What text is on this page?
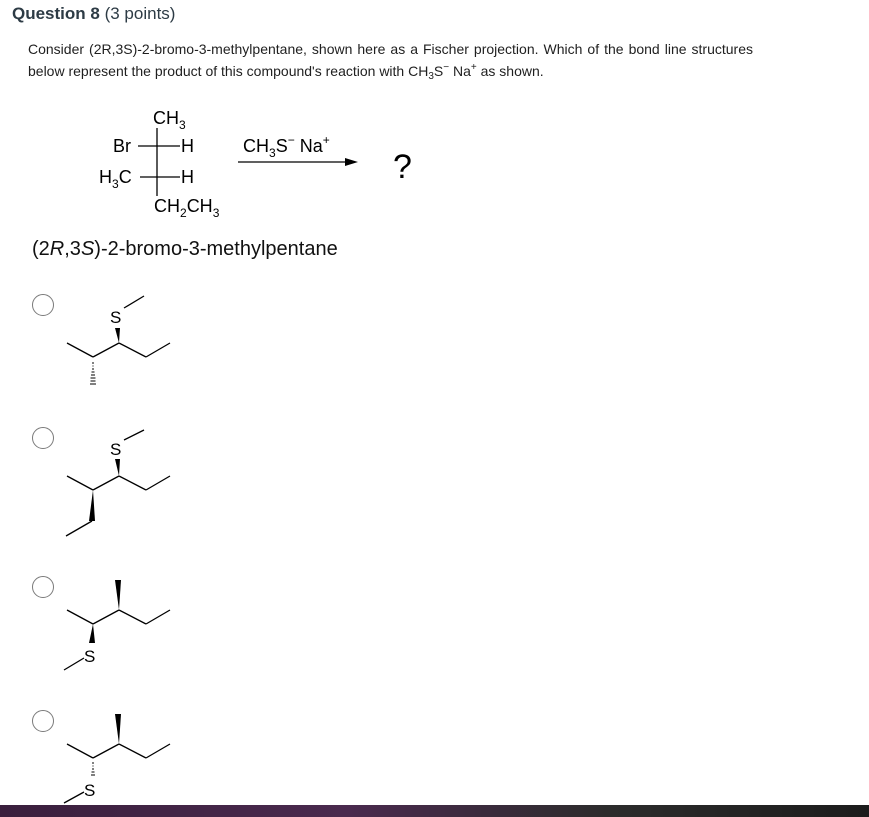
Question 8 (3 points)
Consider (2R,3S)-2-bromo-3-methylpentane, shown here as a Fischer projection. Which of the bond line structures below represent the product of this compound's reaction with $CH_3S^-$ Na+ as shown.
$CH_3$
Br	H
$H_3C$	H
$CH_2CH_3$
$CH_3S^-$ Na+
?
(2R,3S)-2-bromo-3-methylpentane
S
S
S
S
